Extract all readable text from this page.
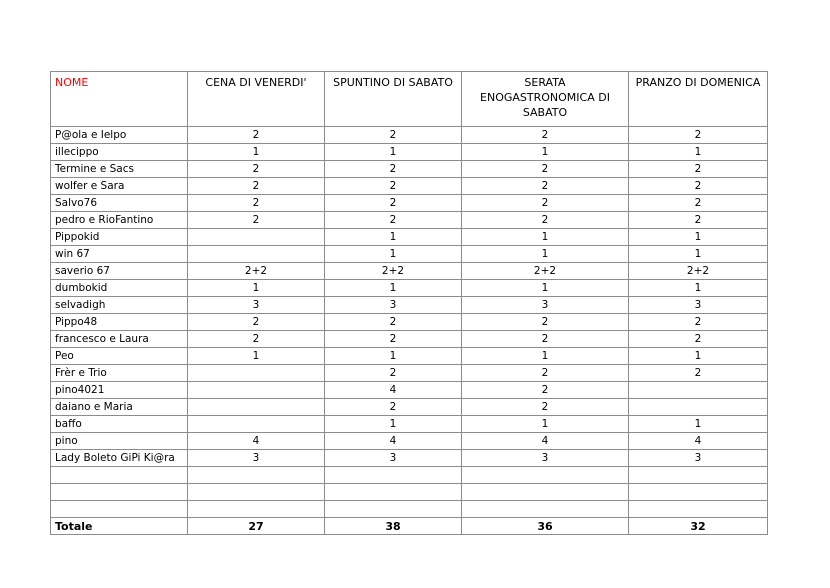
NOME	CENA DI VENERDI'	SPUNTINO DI SABATO	SERATA ENOGASTRONOMICA DI SABATO	PRANZO DI DOMENICA
P@ola e Ielpo	2	2	2	2
illecippo	1	1	1	1
Termine e Sacs	2	2	2	2
wolfer e Sara	2	2	2	2
Salvo76	2	2	2	2
pedro e RioFantino	2	2	2	2
Pippokid		1	1	1
win 67		1	1	1
saverio 67	2+2	2+2	2+2	2+2
dumbokid	1	1	1	1
selvadigh	3	3	3	3
Pippo48	2	2	2	2
francesco e Laura	2	2	2	2
Peo	1	1	1	1
Frèr e Trio		2	2	2
pino4021		4	2	
daiano e Maria		2	2	
baffo		1	1	1
pino	4	4	4	4
Lady Boleto GiPi Ki@ra	3	3	3	3

Totale	27	38	36	32
